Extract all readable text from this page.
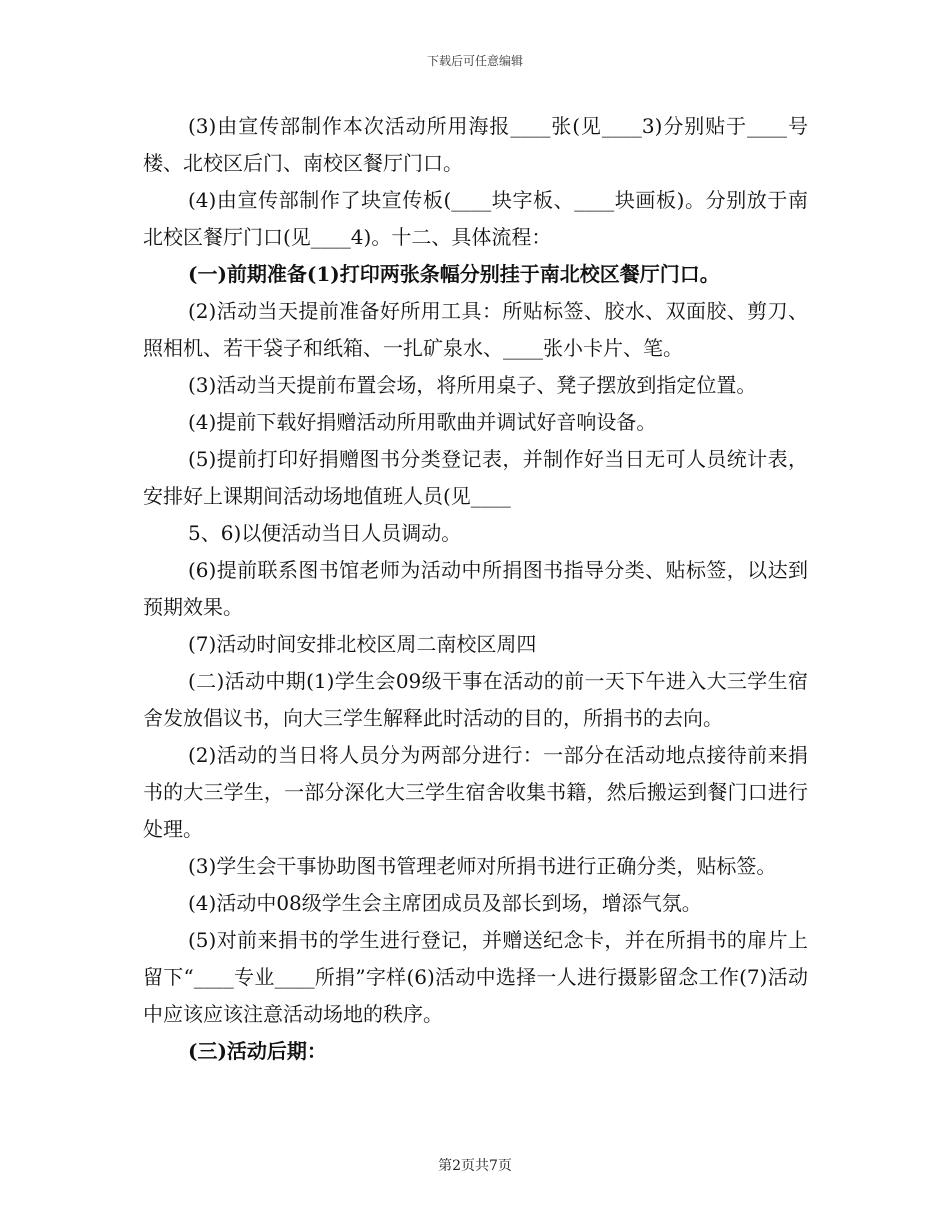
下载后可任意编辑

(3)由宣传部制作本次活动所用海报____张(见____3)分别贴于____号楼、北校区后门、南校区餐厅门口。

(4)由宣传部制作了块宣传板(____块字板、____块画板)。分别放于南北校区餐厅门口(见____4)。十二、具体流程：

(一)前期准备(1)打印两张条幅分别挂于南北校区餐厅门口。

(2)活动当天提前准备好所用工具：所贴标签、胶水、双面胶、剪刀、照相机、若干袋子和纸箱、一扎矿泉水、____张小卡片、笔。

(3)活动当天提前布置会场，将所用桌子、凳子摆放到指定位置。

(4)提前下载好捐赠活动所用歌曲并调试好音响设备。

(5)提前打印好捐赠图书分类登记表，并制作好当日无可人员统计表，安排好上课期间活动场地值班人员(见____

5、6)以便活动当日人员调动。

(6)提前联系图书馆老师为活动中所捐图书指导分类、贴标签，以达到预期效果。

(7)活动时间安排北校区周二南校区周四

(二)活动中期(1)学生会09级干事在活动的前一天下午进入大三学生宿舍发放倡议书，向大三学生解释此时活动的目的，所捐书的去向。

(2)活动的当日将人员分为两部分进行：一部分在活动地点接待前来捐书的大三学生，一部分深化大三学生宿舍收集书籍，然后搬运到餐门口进行处理。

(3)学生会干事协助图书管理老师对所捐书进行正确分类，贴标签。

(4)活动中08级学生会主席团成员及部长到场，增添气氛。

(5)对前来捐书的学生进行登记，并赠送纪念卡，并在所捐书的扉片上留下“____专业____所捐”字样(6)活动中选择一人进行摄影留念工作(7)活动中应该应该注意活动场地的秩序。

(三)活动后期：

第2页共7页
